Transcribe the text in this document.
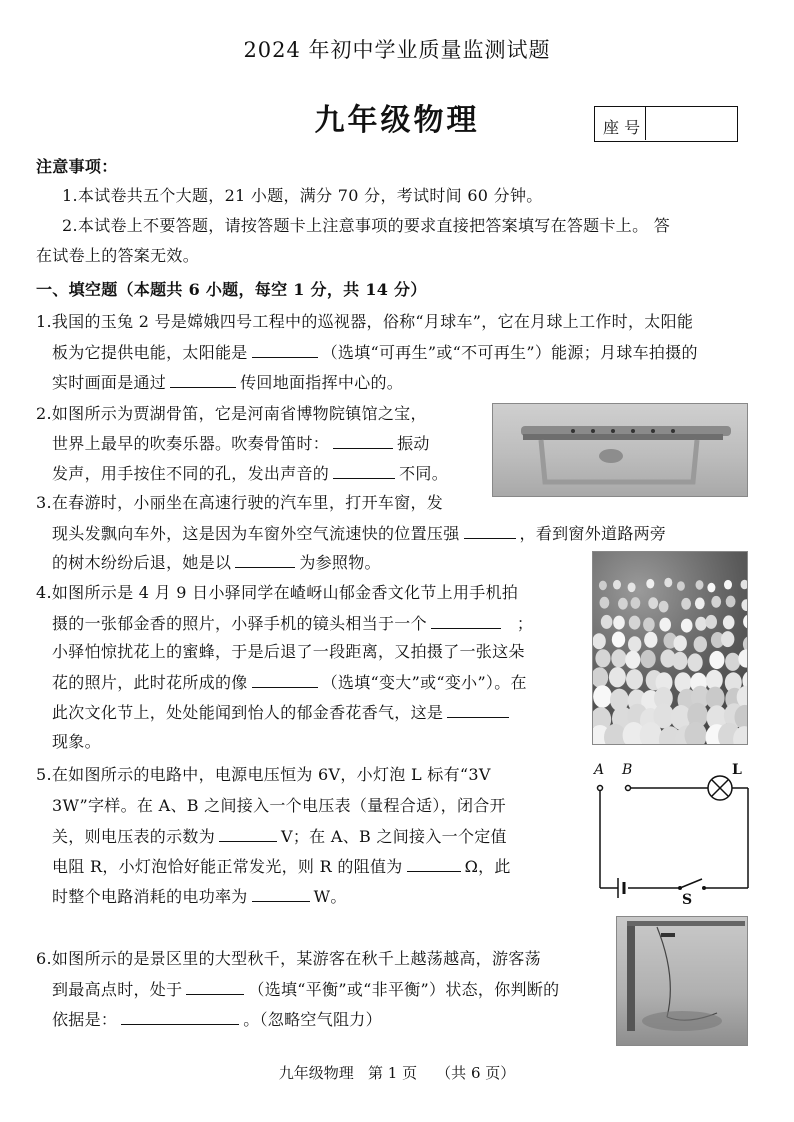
2024 年初中学业质量监测试题
九年级物理	座 号
注意事项：
1.本试卷共五个大题，21 小题，满分 70 分，考试时间 60 分钟。
2.本试卷上不要答题，请按答题卡上注意事项的要求直接把答案填写在答题卡上。 答
在试卷上的答案无效。
一、填空题（本题共 6 小题，每空 1 分，共 14 分）
1.我国的玉兔 2 号是嫦娥四号工程中的巡视器，俗称“月球车”，它在月球上工作时，太阳能
板为它提供电能，太阳能是	（选填“可再生”或“不可再生”）能源；月球车拍摄的
实时画面是通过	传回地面指挥中心的。
2.如图所示为贾湖骨笛，它是河南省博物院镇馆之宝，
世界上最早的吹奏乐器。吹奏骨笛时：	振动
发声，用手按住不同的孔，发出声音的	不同。
3.在春游时，小丽坐在高速行驶的汽车里，打开车窗，发
现头发飘向车外，这是因为车窗外空气流速快的位置压强	，看到窗外道路两旁
的树木纷纷后退，她是以	为参照物。
4.如图所示是 4 月 9 日小驿同学在嵖岈山郁金香文化节上用手机拍
摄的一张郁金香的照片，小驿手机的镜头相当于一个	；
小驿怕惊扰花上的蜜蜂，于是后退了一段距离，又拍摄了一张这朵
花的照片，此时花所成的像	（选填“变大”或“变小”）。在
此次文化节上，处处能闻到怡人的郁金香花香气，这是
现象。
5.在如图所示的电路中，电源电压恒为 6V，小灯泡 L 标有“3V
3W”字样。在 A、B 之间接入一个电压表（量程合适），闭合开
关，则电压表的示数为	V；在 A、B 之间接入一个定值
电阻 R，小灯泡恰好能正常发光，则 R 的阻值为	Ω，此
时整个电路消耗的电功率为	W。
A B	L
S
6.如图所示的是景区里的大型秋千，某游客在秋千上越荡越高，游客荡
到最高点时，处于	（选填“平衡”或“非平衡”）状态，你判断的
依据是：	。（忽略空气阻力）
九年级物理   第 1 页    （共 6 页）
